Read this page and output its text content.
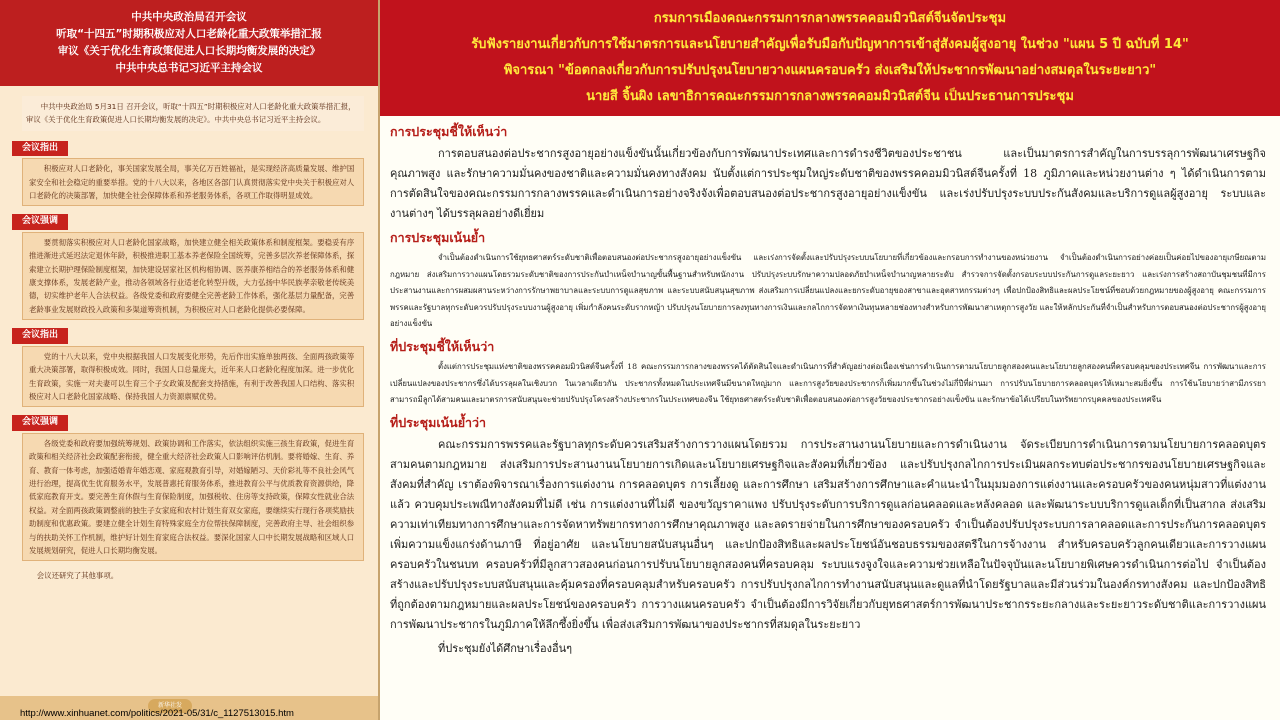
中共中央政治局召开会议
听取“十四五”时期积极应对人口老龄化重大政策举措汇报
审议《关于优化生育政策促进人口长期均衡发展的决定》
中共中央总书记习近平主持会议

中共中央政治局 5月31日 召开会议，听取“十四五”时期积极应对人口老龄化重大政策举措汇报，审议《关于优化生育政策促进人口长期均衡发展的决定》。中共中央总书记习近平主持会议。

会议指出

积极应对人口老龄化，事关国家发展全局，事关亿万百姓福祉，是实现经济高质量发展、维护国家安全和社会稳定的重要举措。党的十八大以来，各地区各部门认真贯彻落实党中央关于积极应对人口老龄化的决策部署，加快健全社会保障体系和养老服务体系，各项工作取得明显成效。

会议强调

要贯彻落实积极应对人口老龄化国家战略，加快建立健全相关政策体系和制度框架。要稳妥有序推进渐进式延迟法定退休年龄，积极推进职工基本养老保险全国统筹，完善多层次养老保障体系，探索建立长期护理保险制度框架，加快建设居家社区机构相协调、医养康养相结合的养老服务体系和健康支撑体系，发展老龄产业，推动各领域各行业适老化转型升级，大力弘扬中华民族孝亲敬老传统美德，切实维护老年人合法权益。各级党委和政府要健全完善老龄工作体系，强化基层力量配备，完善老龄事业发展财政投入政策和多渠道筹资机制，为积极应对人口老龄化提供必要保障。

会议指出

党的十八大以来，党中央根据我国人口发展变化形势，先后作出实施单独两孩、全面两孩政策等重大决策部署，取得积极成效。同时，我国人口总量庞大，近年来人口老龄化程度加深。进一步优化生育政策，实施一对夫妻可以生育三个子女政策及配套支持措施，有利于改善我国人口结构、落实积极应对人口老龄化国家战略、保持我国人力资源禀赋优势。

会议强调

各级党委和政府要加强统筹规划、政策协调和工作落实，依法组织实施三孩生育政策，促进生育政策和相关经济社会政策配套衔接，健全重大经济社会政策人口影响评估机制。要将婚嫁、生育、养育、教育一体考虑，加强适婚青年婚恋观、家庭观教育引导，对婚嫁陋习、天价彩礼等不良社会风气进行治理，提高优生优育服务水平，发展普惠托育服务体系，推进教育公平与优质教育资源供给，降低家庭教育开支。要完善生育休假与生育保险制度，加强税收、住房等支持政策，保障女性就业合法权益。对全面两孩政策调整前的独生子女家庭和农村计划生育双女家庭，要继续实行现行各项奖励扶助制度和优惠政策。要建立健全计划生育特殊家庭全方位帮扶保障制度，完善政府主导、社会组织参与的扶助关怀工作机制，维护好计划生育家庭合法权益。要深化国家人口中长期发展战略和区域人口发展规划研究，促进人口长期均衡发展。

会议还研究了其他事项。

新华社发
http://www.xinhuanet.com/politics/2021-05/31/c_1127513015.htm
กรมการเมืองคณะกรรมการกลางพรรคคอมมิวนิสต์จีนจัดประชุม
รับฟังรายงานเกี่ยวกับการใช้มาตรการและนโยบายสำคัญเพื่อรับมือกับปัญหาการเข้าสู่สังคมผู้สูงอายุ ในช่วง "แผน 5 ปี ฉบับที่ 14"
พิจารณา "ข้อตกลงเกี่ยวกับการปรับปรุงนโยบายวางแผนครอบครัว ส่งเสริมให้ประชากรพัฒนาอย่างสมดุลในระยะยาว"
นายสี จิ้นผิง เลขาธิการคณะกรรมการกลางพรรคคอมมิวนิสต์จีน เป็นประธานการประชุม
การประชุมชี้ให้เห็นว่า

การตอบสนองต่อประชากรสูงอายุอย่างแข็งขันนั้นเกี่ยวข้องกับการพัฒนาประเทศและการดำรงชีวิตของประชาชน และเป็นมาตรการสำคัญในการบรรลุการพัฒนาเศรษฐกิจคุณภาพสูง และรักษาความมั่นคงของชาติและความมั่นคงทางสังคม นับตั้งแต่การประชุมใหญ่ระดับชาติของพรรคคอมมิวนิสต์จีนครั้งที่ 18 ภูมิภาคและหน่วยงานต่าง ๆ ได้ดำเนินการตามการตัดสินใจของคณะกรรมการกลางพรรคและดำเนินการอย่างจริงจังเพื่อตอบสนองต่อประชากรสูงอายุอย่างแข็งขัน และเร่งปรับปรุงระบบประกันสังคมและบริการดูแลผู้สูงอายุ ระบบและงานต่างๆ ได้บรรลุผลอย่างดีเยี่ยม

การประชุมเน้นย้ำ

จำเป็นต้องดำเนินการใช้ยุทธศาสตร์ระดับชาติเพื่อตอบสนองต่อประชากรสูงอายุอย่างแข็งขัน และเร่งการจัดตั้งและปรับปรุงระบบนโยบายที่เกี่ยวข้องและกรอบการทำงานของหน่วยงาน จำเป็นต้องดำเนินการอย่างค่อยเป็นค่อยไปของอายุเกษียณตามกฎหมาย ส่งเสริมการวางแผนโดยรวมระดับชาติของการประกันบำเหน็จบำนาญขั้นพื้นฐานสำหรับพนักงาน ปรับปรุงระบบรักษาความปลอดภัยบำเหน็จบำนาญหลายระดับ สำรวจการจัดตั้งกรอบระบบประกันการดูแลระยะยาว และเร่งการสร้างสถาบันชุมชนที่มีการประสานงานและการผสมผสานระหว่างการรักษาพยาบาลและระบบการดูแลสุขภาพ และระบบสนับสนุนสุขภาพ ส่งเสริมการเปลี่ยนแปลงและยกระดับอายุของสาขาและอุตสาหกรรมต่างๆ เพื่อปกป้องสิทธิและผลประโยชน์ที่ชอบด้วยกฎหมายของผู้สูงอายุ คณะกรรมการพรรคและรัฐบาลทุกระดับควรปรับปรุงระบบงานผู้สูงอายุ เพิ่มกำลังคนระดับรากหญ้า ปรับปรุงนโยบายการลงทุนทางการเงินและกลไกการจัดหาเงินทุนหลายช่องทางสำหรับการพัฒนาสาเหตุการสูงวัย และให้หลักประกันที่จำเป็นสำหรับการตอบสนองต่อประชากรผู้สูงอายุอย่างแข็งขัน

ที่ประชุมชี้ให้เห็นว่า

ตั้งแต่การประชุมแห่งชาติของพรรคคอมมิวนิสต์จีนครั้งที่ 18 คณะกรรมการกลางของพรรคได้ตัดสินใจและดำเนินการที่สำคัญอย่างต่อเนื่องเช่นการดำเนินการตามนโยบายลูกสองคนและนโยบายลูกสองคนที่ครอบคลุมของประเทศจีน การพัฒนาและการเปลี่ยนแปลงของประชากรซึ่งได้บรรลุผลในเชิงบวก ในเวลาเดียวกัน ประชากรทั้งหมดในประเทศจีนมีขนาดใหญ่มาก และการสูงวัยของประชากรก็เพิ่มมากขึ้นในช่วงไม่กี่ปีที่ผ่านมา การปรับนโยบายการคลอดบุตรให้เหมาะสมยิ่งขึ้น การใช้นโยบายว่าสามีภรรยาสามารถมีลูกได้สามคนและมาตรการสนับสนุนจะช่วยปรับปรุงโครงสร้างประชากรในประเทศของจีน ใช้ยุทธศาสตร์ระดับชาติเพื่อตอบสนองต่อการสูงวัยของประชากรอย่างแข็งขัน และรักษาข้อได้เปรียบในทรัพยากรบุคคลของประเทศจีน

ที่ประชุมเน้นย้ำว่า

คณะกรรมการพรรคและรัฐบาลทุกระดับควรเสริมสร้างการวางแผนโดยรวม การประสานงานนโยบายและการดำเนินงาน จัดระเบียบการดำเนินการตามนโยบายการคลอดบุตรสามคนตามกฎหมาย ส่งเสริมการประสานงานนโยบายการเกิดและนโยบายเศรษฐกิจและสังคมที่เกี่ยวข้อง และปรับปรุงกลไกการประเมินผลกระทบต่อประชากรของนโยบายเศรษฐกิจและสังคมที่สำคัญ เราต้องพิจารณาเรื่องการแต่งงาน การคลอดบุตร การเลี้ยงดู และการศึกษา เสริมสร้างการศึกษาและคำแนะนำในมุมมองการแต่งงานและครอบครัวของคนหนุ่มสาวที่แต่งงานแล้ว ควบคุมประเพณีทางสังคมที่ไม่ดี เช่น การแต่งงานที่ไม่ดี ของขวัญราคาแพง ปรับปรุงระดับการบริการดูแลก่อนคลอดและหลังคลอด และพัฒนาระบบบริการดูแลเด็กที่เป็นสากล ส่งเสริมความเท่าเทียมทางการศึกษาและการจัดหาทรัพยากรทางการศึกษาคุณภาพสูง และลดรายจ่ายในการศึกษาของครอบครัว จำเป็นต้องปรับปรุงระบบการลาคลอดและการประกันการคลอดบุตร เพิ่มความแข็งแกร่งด้านภาษี ที่อยู่อาศัย และนโยบายสนับสนุนอื่นๆ และปกป้องสิทธิและผลประโยชน์อันชอบธรรมของสตรีในการจ้างงาน สำหรับครอบครัวลูกคนเดียวและการวางแผนครอบครัวในชนบท ครอบครัวที่มีลูกสาวสองคนก่อนการปรับนโยบายลูกสองคนที่ครอบคลุม ระบบแรงจูงใจและความช่วยเหลือในปัจจุบันและนโยบายพิเศษควรดำเนินการต่อไป จำเป็นต้องสร้างและปรับปรุงระบบสนับสนุนและคุ้มครองที่ครอบคลุมสำหรับครอบครัว การปรับปรุงกลไกการทำงานสนับสนุนและดูแลที่นำโดยรัฐบาลและมีส่วนร่วมในองค์กรทางสังคม และปกป้องสิทธิที่ถูกต้องตามกฎหมายและผลประโยชน์ของครอบครัว การวางแผนครอบครัว จำเป็นต้องมีการวิจัยเกี่ยวกับยุทธศาสตร์การพัฒนาประชากรระยะกลางและระยะยาวระดับชาติและการวางแผนการพัฒนาประชากรในภูมิภาคให้ลึกซึ้งยิ่งขึ้น เพื่อส่งเสริมการพัฒนาของประชากรที่สมดุลในระยะยาว

ที่ประชุมยังได้ศึกษาเรื่องอื่นๆ
